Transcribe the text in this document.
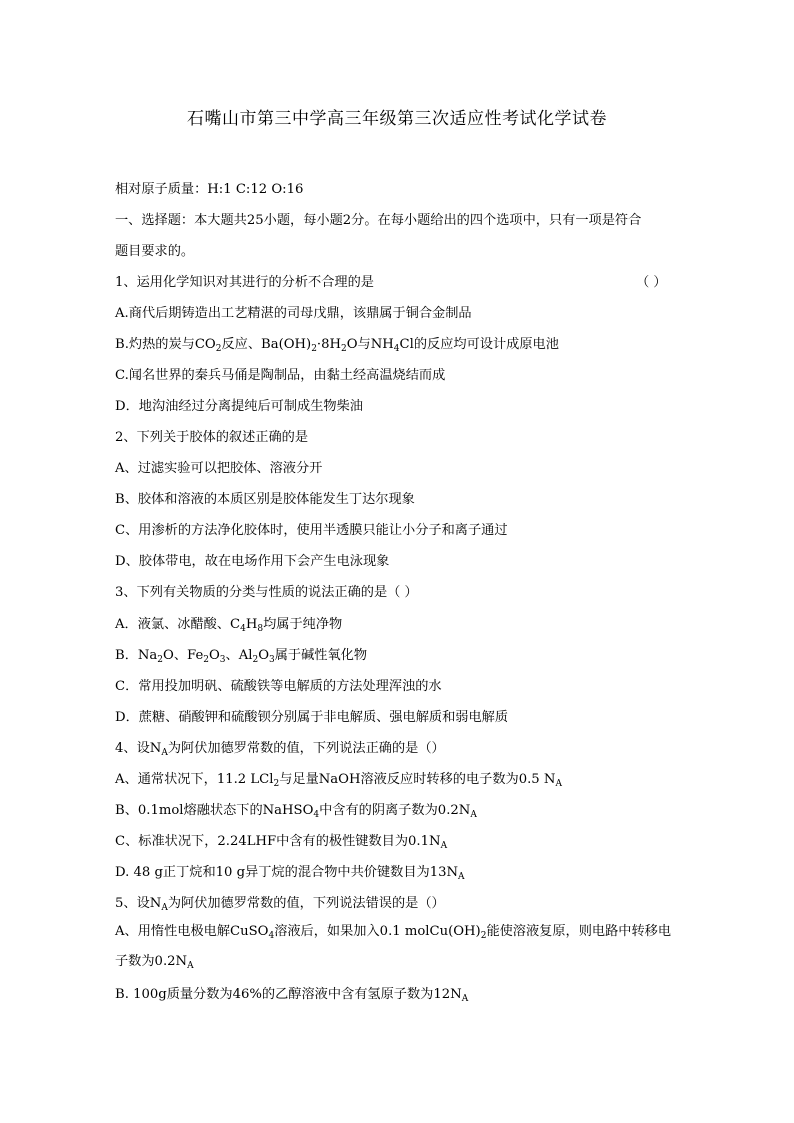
石嘴山市第三中学高三年级第三次适应性考试化学试卷
相对原子质量：H:1 C:12 O:16
一、选择题：本大题共25小题，每小题2分。在每小题给出的四个选项中，只有一项是符合
题目要求的。
1、运用化学知识对其进行的分析不合理的是	（ ）
A.商代后期铸造出工艺精湛的司母戊鼎，该鼎属于铜合金制品
B.灼热的炭与$CO_2$反应、$Ba(OH)_2\cdot 8H_2O$与$NH_4Cl$的反应均可设计成原电池
C.闻名世界的秦兵马俑是陶制品，由黏土经高温烧结而成
D．地沟油经过分离提纯后可制成生物柴油
2、下列关于胶体的叙述正确的是
A、过滤实验可以把胶体、溶液分开
B、胶体和溶液的本质区别是胶体能发生丁达尔现象
C、用渗析的方法净化胶体时，使用半透膜只能让小分子和离子通过
D、胶体带电，故在电场作用下会产生电泳现象
3、下列有关物质的分类与性质的说法正确的是（ ）
A．液氯、冰醋酸、$C_4H_8$均属于纯净物
B．$Na_2O$、$Fe_2O_3$、$Al_2O_3$属于碱性氧化物
C．常用投加明矾、硫酸铁等电解质的方法处理浑浊的水
D．蔗糖、硝酸钾和硫酸钡分别属于非电解质、强电解质和弱电解质
4、设$N_A$为阿伏加德罗常数的值，下列说法正确的是（）
A、通常状况下，11.2 LCl$_2$与足量NaOH溶液反应时转移的电子数为0.5 $N_A$
B、0.1mol熔融状态下的NaHSO$_4$中含有的阴离子数为$0.2N_A$
C、标准状况下，2.24LHF中含有的极性键数目为$0.1N_A$
D. 48 g正丁烷和10 g异丁烷的混合物中共价键数目为$13N_A$
5、设$N_A$为阿伏加德罗常数的值，下列说法错误的是（）
A、用惰性电极电解CuSO$_4$溶液后，如果加入0.1 $molCu(OH)_2$能使溶液复原，则电路中转移电
子数为$0.2N_A$
B. 100g质量分数为46%的乙醇溶液中含有氢原子数为$12N_A$
